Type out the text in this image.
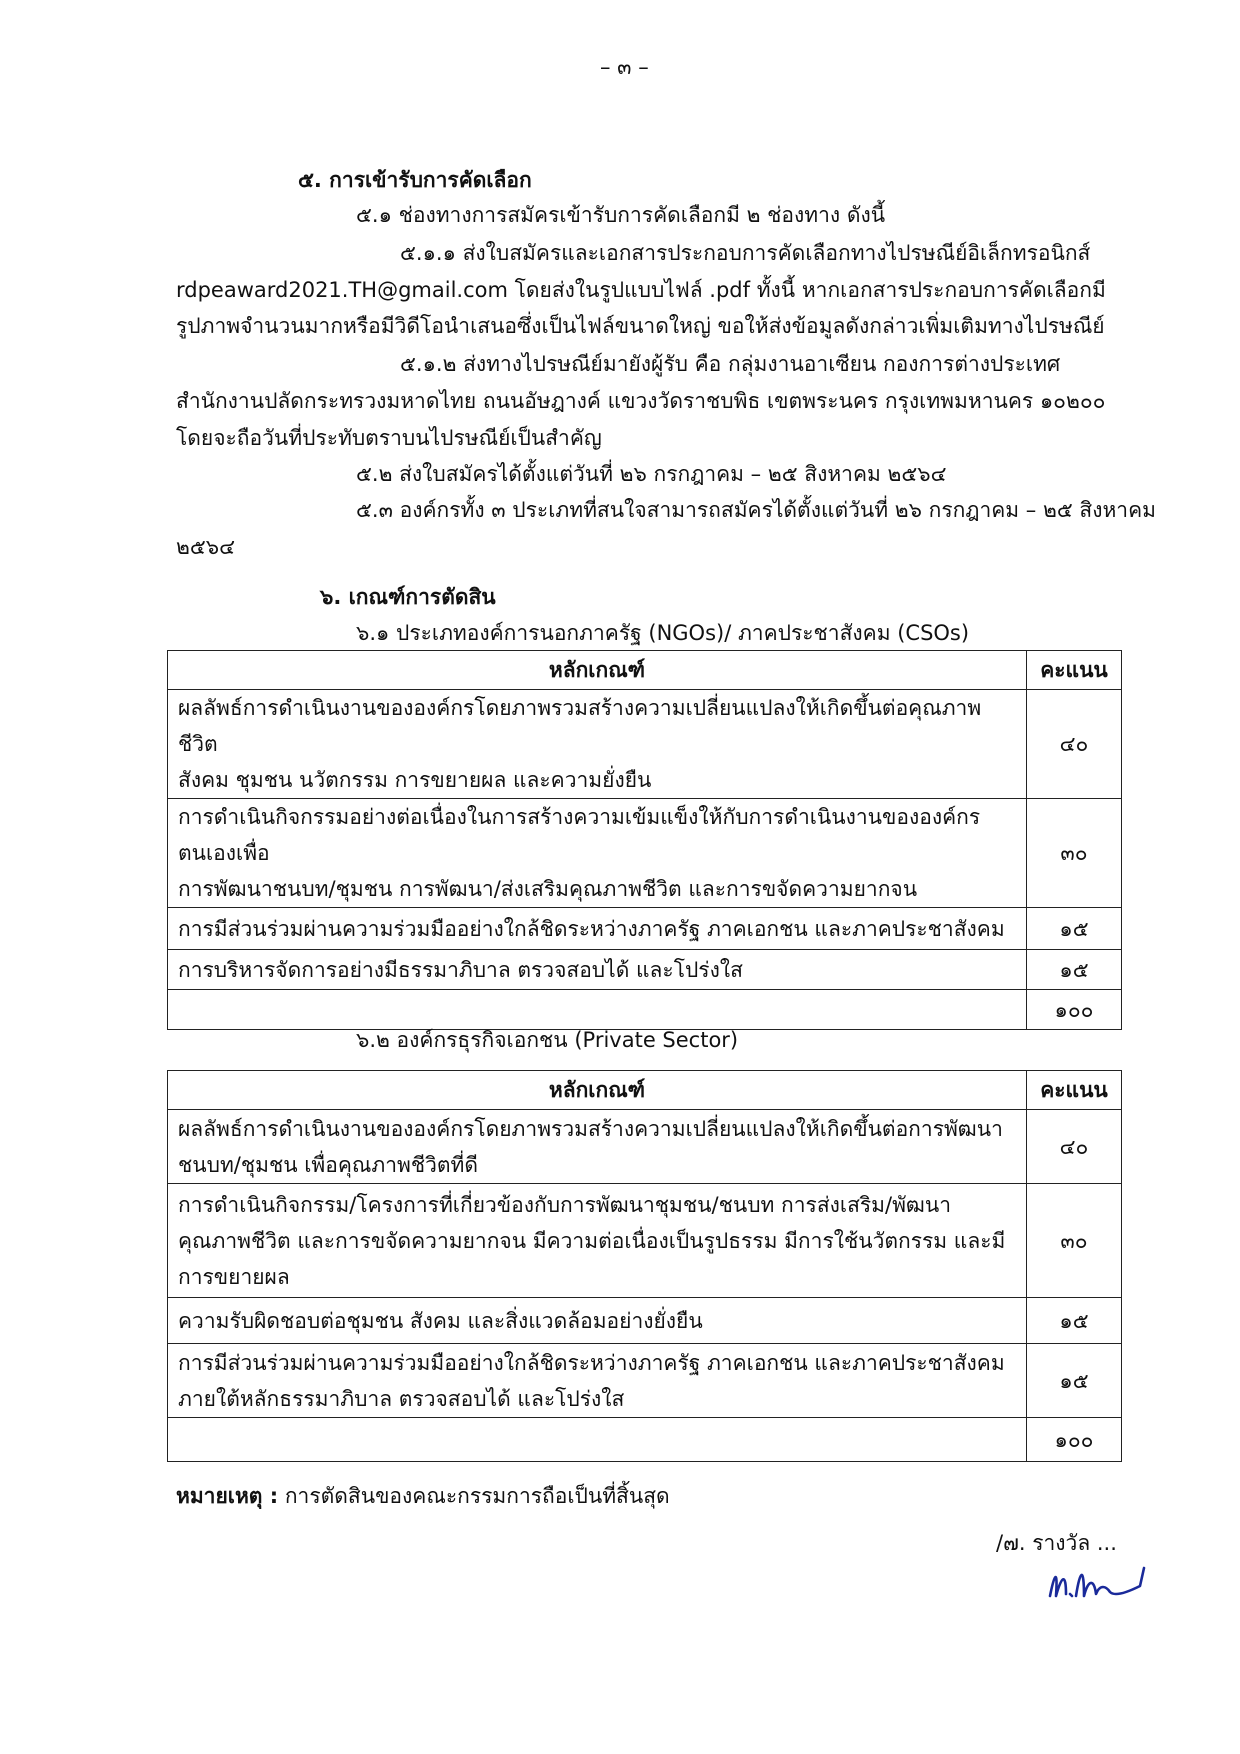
– ๓ –
๕. การเข้ารับการคัดเลือก
๕.๑ ช่องทางการสมัครเข้ารับการคัดเลือกมี ๒ ช่องทาง ดังนี้
๕.๑.๑ ส่งใบสมัครและเอกสารประกอบการคัดเลือกทางไปรษณีย์อิเล็กทรอนิกส์
rdpeaward2021.TH@gmail.com โดยส่งในรูปแบบไฟล์ .pdf ทั้งนี้ หากเอกสารประกอบการคัดเลือกมี
รูปภาพจำนวนมากหรือมีวิดีโอนำเสนอซึ่งเป็นไฟล์ขนาดใหญ่ ขอให้ส่งข้อมูลดังกล่าวเพิ่มเติมทางไปรษณีย์
๕.๑.๒ ส่งทางไปรษณีย์มายังผู้รับ คือ กลุ่มงานอาเซียน กองการต่างประเทศ
สำนักงานปลัดกระทรวงมหาดไทย ถนนอัษฎางค์ แขวงวัดราชบพิธ เขตพระนคร กรุงเทพมหานคร ๑๐๒๐๐
โดยจะถือวันที่ประทับตราบนไปรษณีย์เป็นสำคัญ
๕.๒ ส่งใบสมัครได้ตั้งแต่วันที่ ๒๖ กรกฎาคม – ๒๕ สิงหาคม ๒๕๖๔
๕.๓ องค์กรทั้ง ๓ ประเภทที่สนใจสามารถสมัครได้ตั้งแต่วันที่ ๒๖ กรกฎาคม – ๒๕ สิงหาคม
๒๕๖๔
๖. เกณฑ์การตัดสิน
๖.๑ ประเภทองค์การนอกภาครัฐ (NGOs)/ ภาคประชาสังคม (CSOs)
หลักเกณฑ์	คะแนน

ผลลัพธ์การดำเนินงานขององค์กรโดยภาพรวมสร้างความเปลี่ยนแปลงให้เกิดขึ้นต่อคุณภาพชีวิต
สังคม ชุมชน นวัตกรรม การขยายผล และความยั่งยืน	๔๐

การดำเนินกิจกรรมอย่างต่อเนื่องในการสร้างความเข้มแข็งให้กับการดำเนินงานขององค์กรตนเองเพื่อ
การพัฒนาชนบท/ชุมชน การพัฒนา/ส่งเสริมคุณภาพชีวิต และการขจัดความยากจน	๓๐

การมีส่วนร่วมผ่านความร่วมมืออย่างใกล้ชิดระหว่างภาครัฐ ภาคเอกชน และภาคประชาสังคม	๑๕

การบริหารจัดการอย่างมีธรรมาภิบาล ตรวจสอบได้ และโปร่งใส	๑๕
	๑๐๐
๖.๒ องค์กรธุรกิจเอกชน (Private Sector)
หลักเกณฑ์	คะแนน

ผลลัพธ์การดำเนินงานขององค์กรโดยภาพรวมสร้างความเปลี่ยนแปลงให้เกิดขึ้นต่อการพัฒนา
ชนบท/ชุมชน เพื่อคุณภาพชีวิตที่ดี	๔๐

การดำเนินกิจกรรม/โครงการที่เกี่ยวข้องกับการพัฒนาชุมชน/ชนบท การส่งเสริม/พัฒนา
คุณภาพชีวิต และการขจัดความยากจน มีความต่อเนื่องเป็นรูปธรรม มีการใช้นวัตกรรม และมี
การขยายผล	๓๐

ความรับผิดชอบต่อชุมชน สังคม และสิ่งแวดล้อมอย่างยั่งยืน	๑๕

การมีส่วนร่วมผ่านความร่วมมืออย่างใกล้ชิดระหว่างภาครัฐ ภาคเอกชน และภาคประชาสังคม
ภายใต้หลักธรรมาภิบาล ตรวจสอบได้ และโปร่งใส	๑๕
	๑๐๐
หมายเหตุ : การตัดสินของคณะกรรมการถือเป็นที่สิ้นสุด
/๗. รางวัล ...
